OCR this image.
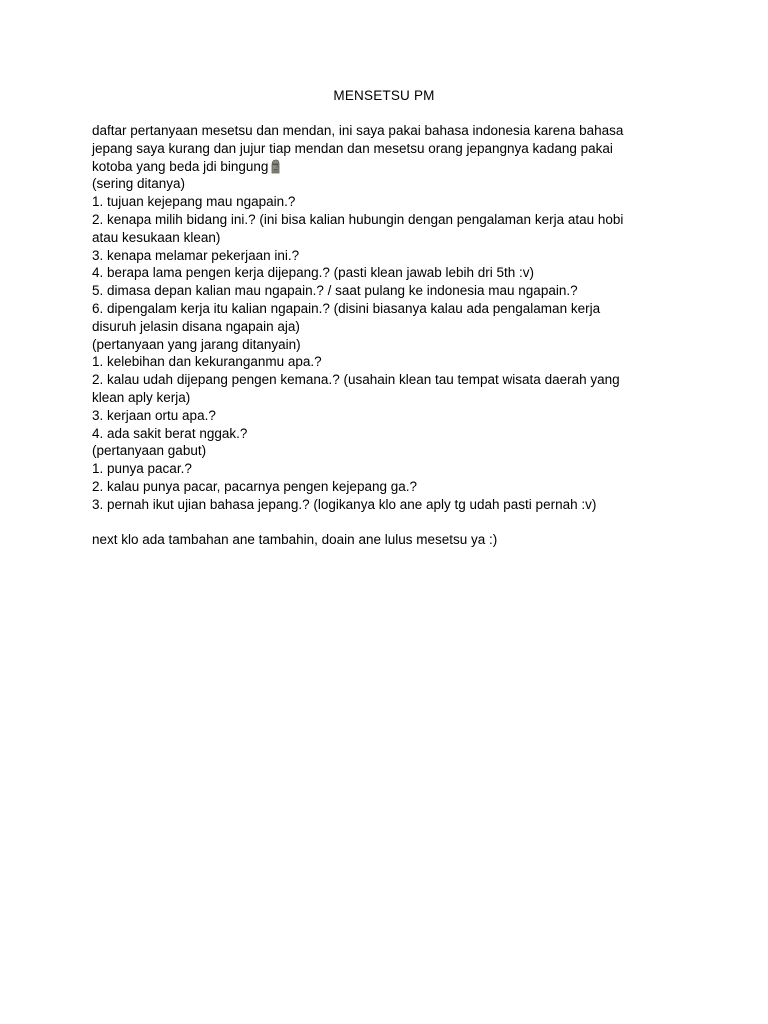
MENSETSU PM
daftar pertanyaan mesetsu dan mendan, ini saya pakai bahasa indonesia karena bahasa
jepang saya kurang dan jujur tiap mendan dan mesetsu orang jepangnya kadang pakai
kotoba yang beda jdi bingung
(sering ditanya)
1. tujuan kejepang mau ngapain.?
2. kenapa milih bidang ini.? (ini bisa kalian hubungin dengan pengalaman kerja atau hobi
atau kesukaan klean)
3. kenapa melamar pekerjaan ini.?
4. berapa lama pengen kerja dijepang.? (pasti klean jawab lebih dri 5th :v)
5. dimasa depan kalian mau ngapain.? / saat pulang ke indonesia mau ngapain.?
6. dipengalam kerja itu kalian ngapain.? (disini biasanya kalau ada pengalaman kerja
disuruh jelasin disana ngapain aja)
(pertanyaan yang jarang ditanyain)
1. kelebihan dan kekuranganmu apa.?
2. kalau udah dijepang pengen kemana.? (usahain klean tau tempat wisata daerah yang
klean aply kerja)
3. kerjaan ortu apa.?
4. ada sakit berat nggak.?
(pertanyaan gabut)
1. punya pacar.?
2. kalau punya pacar, pacarnya pengen kejepang ga.?
3. pernah ikut ujian bahasa jepang.? (logikanya klo ane aply tg udah pasti pernah :v)
next klo ada tambahan ane tambahin, doain ane lulus mesetsu ya :)
